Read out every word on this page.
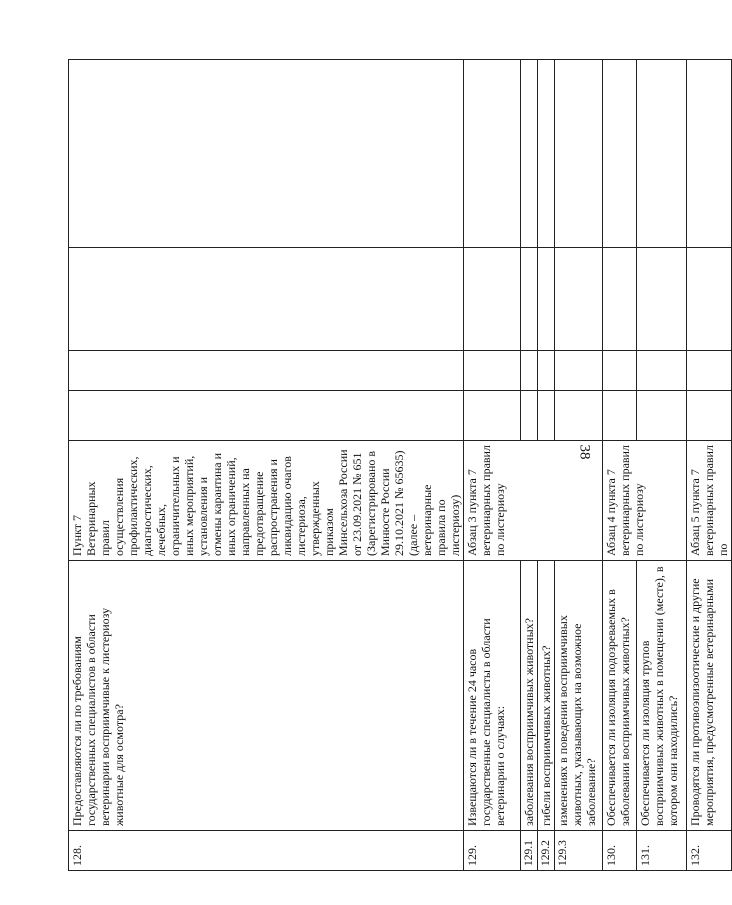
38
128.	Предоставляются ли по требованиям государственных специалистов в области ветеринарии восприимчивые к листериозу животные для осмотра?	Пункт 7 Ветеринарных правил осуществления профилактических, диагностических, лечебных, ограничительных и иных мероприятий, установления и отмены карантина и иных ограничений, направленных на предотвращение распространения и ликвидацию очагов листериоза, утвержденных приказом Минсельхоза России от 23.09.2021 № 651 (Зарегистрировано в Минюсте России 29.10.2021 № 65635) (далее – ветеринарные правила по листериозу)				
129.	Извещаются ли в течение 24 часов государственные специалисты в области ветеринарии о случаях:	Абзац 3 пункта 7 ветеринарных правил по листериозу				
129.1	заболевания восприимчивых животных?					
129.2	гибели восприимчивых животных?					
129.3	изменениях в поведении восприимчивых животных, указывающих на возможное заболевание?					
130.	Обеспечивается ли изоляция подозреваемых в заболевании восприимчивых животных?	Абзац 4 пункта 7 ветеринарных правил по листериозу				
131.	Обеспечивается ли изоляция трупов восприимчивых животных в помещении (месте), в котором они находились?					
132.	Проводятся ли противоэпизоотические и другие мероприятия, предусмотренные ветеринарными	Абзац 5 пункта 7 ветеринарных правил по				
